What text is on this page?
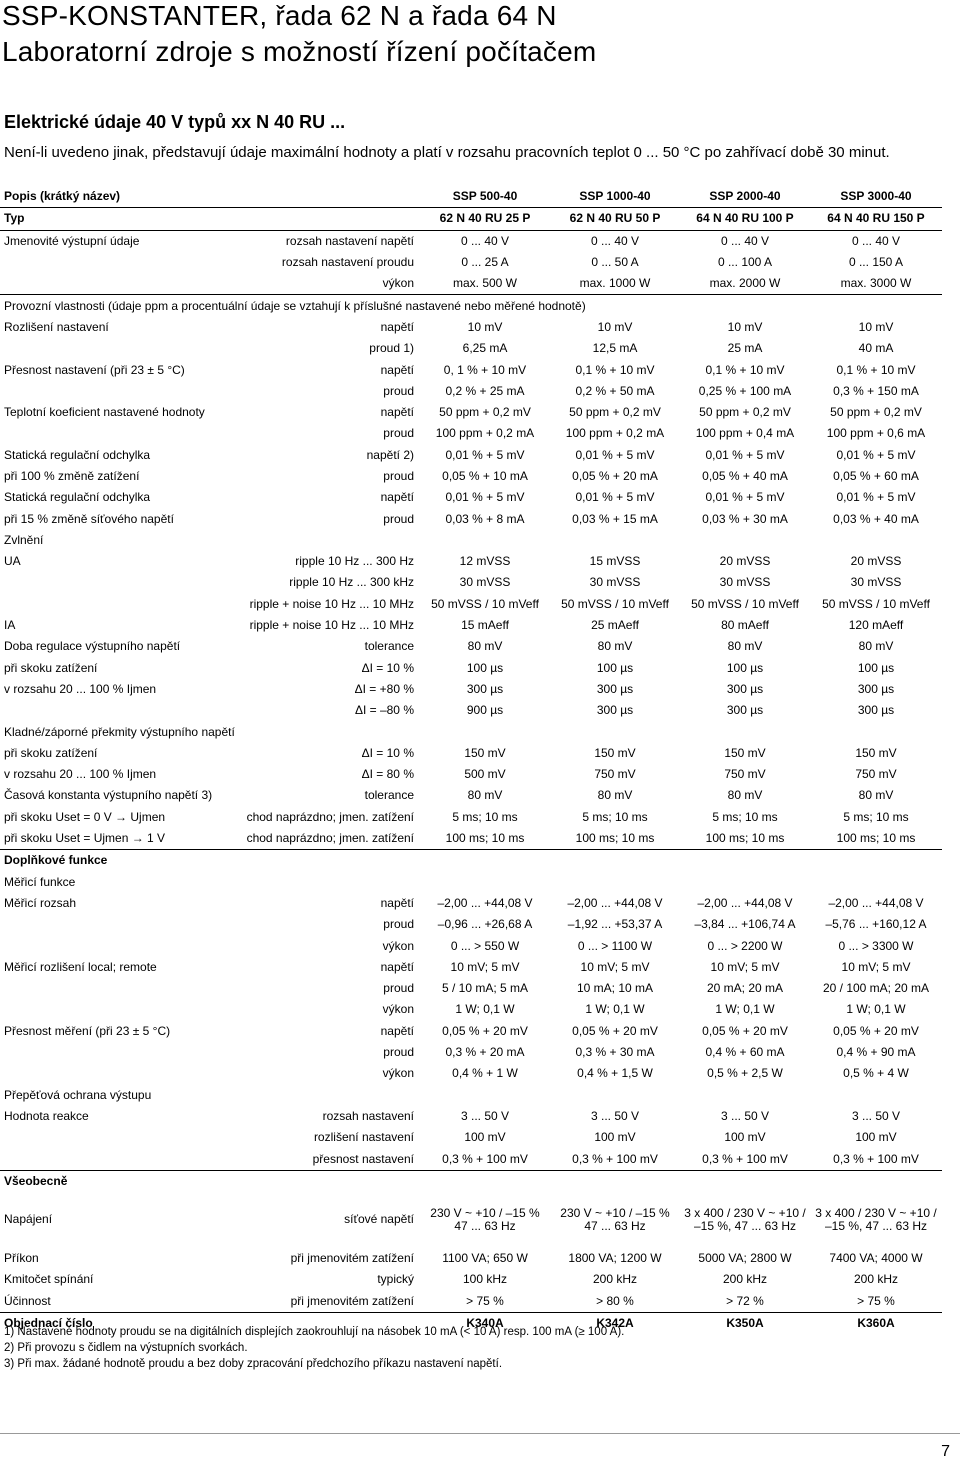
SSP-KONSTANTER, řada 62 N a řada 64 N
Laboratorní zdroje s možností řízení počítačem
Elektrické údaje 40 V typů xx N 40 RU ...
Není-li uvedeno jinak, představují údaje maximální hodnoty a platí v rozsahu pracovních teplot 0 ... 50 °C po zahřívací době 30 minut.
Popis (krátký název)		SSP 500-40	SSP 1000-40	SSP 2000-40	SSP 3000-40
Typ		62 N 40 RU 25 P	62 N 40 RU 50 P	64 N 40 RU 100 P	64 N 40 RU 150 P
Jmenovité výstupní údaje	rozsah nastavení napětí	0 ... 40 V	0 ... 40 V	0 ... 40 V	0 ... 40 V
	rozsah nastavení proudu	0 ... 25 A	0 ... 50 A	0 ... 100 A	0 ... 150 A
	výkon	max. 500 W	max. 1000 W	max. 2000 W	max. 3000 W
Provozní vlastnosti (údaje ppm a procentuální údaje se vztahují k příslušné nastavené nebo měřené hodnotě)					
Rozlišení nastavení	napětí	10 mV	10 mV	10 mV	10 mV
	proud 1)	6,25 mA	12,5 mA	25 mA	40 mA
Přesnost nastavení (při 23 ± 5 °C)	napětí	0, 1 % + 10 mV	0,1 % + 10 mV	0,1 % + 10 mV	0,1 % + 10 mV
	proud	0,2 % + 25 mA	0,2 % + 50 mA	0,25 % + 100 mA	0,3 % + 150 mA
Teplotní koeficient nastavené hodnoty	napětí	50 ppm + 0,2 mV	50 ppm + 0,2 mV	50 ppm + 0,2 mV	50 ppm + 0,2 mV
	proud	100 ppm + 0,2 mA	100 ppm + 0,2 mA	100 ppm + 0,4 mA	100 ppm + 0,6 mA
Statická regulační odchylka	napětí 2)	0,01 % + 5 mV	0,01 % + 5 mV	0,01 % + 5 mV	0,01 % + 5 mV
při 100 % změně zatížení	proud	0,05 % + 10 mA	0,05 % + 20 mA	0,05 % + 40 mA	0,05 % + 60 mA
Statická regulační odchylka	napětí	0,01 % + 5 mV	0,01 % + 5 mV	0,01 % + 5 mV	0,01 % + 5 mV
při 15 % změně síťového napětí	proud	0,03 % + 8 mA	0,03 % + 15 mA	0,03 % + 30 mA	0,03 % + 40 mA
Zvlnění					
UA	ripple 10 Hz ... 300 Hz	12 mVSS	15 mVSS	20 mVSS	20 mVSS
	ripple 10 Hz ... 300 kHz	30 mVSS	30 mVSS	30 mVSS	30 mVSS
	ripple + noise 10 Hz ... 10 MHz	50 mVSS / 10 mVeff	50 mVSS / 10 mVeff	50 mVSS / 10 mVeff	50 mVSS / 10 mVeff
IA	ripple + noise 10 Hz ... 10 MHz	15 mAeff	25 mAeff	80 mAeff	120 mAeff
Doba regulace výstupního napětí	tolerance	80 mV	80 mV	80 mV	80 mV
při skoku zatížení	ΔI = 10 %	100 µs	100 µs	100 µs	100 µs
v rozsahu 20 ... 100 % Ijmen	ΔI = +80 %	300 µs	300 µs	300 µs	300 µs
	ΔI = –80 %	900 µs	300 µs	300 µs	300 µs
Kladné/záporné překmity výstupního napětí					
při skoku zatížení	ΔI = 10 %	150 mV	150 mV	150 mV	150 mV
v rozsahu 20 ... 100 % Ijmen	ΔI = 80 %	500 mV	750 mV	750 mV	750 mV
Časová konstanta výstupního napětí 3)	tolerance	80 mV	80 mV	80 mV	80 mV
při skoku Uset = 0 V → Ujmen	chod naprázdno; jmen. zatížení	5 ms; 10 ms	5 ms; 10 ms	5 ms; 10 ms	5 ms; 10 ms
při skoku Uset = Ujmen → 1 V	chod naprázdno; jmen. zatížení	100 ms; 10 ms	100 ms; 10 ms	100 ms; 10 ms	100 ms; 10 ms
Doplňkové funkce					
Měřicí funkce					
Měřicí rozsah	napětí	–2,00 ... +44,08 V	–2,00 ... +44,08 V	–2,00 ... +44,08 V	–2,00 ... +44,08 V
	proud	–0,96 ... +26,68 A	–1,92 ... +53,37 A	–3,84 ... +106,74 A	–5,76 ... +160,12 A
	výkon	0 ... > 550 W	0 ... > 1100 W	0 ... > 2200 W	0 ... > 3300 W
Měřicí rozlišení local; remote	napětí	10 mV; 5 mV	10 mV; 5 mV	10 mV; 5 mV	10 mV; 5 mV
	proud	5 / 10 mA; 5 mA	10 mA; 10 mA	20 mA; 20 mA	20 / 100 mA; 20 mA
	výkon	1 W; 0,1 W	1 W; 0,1 W	1 W; 0,1 W	1 W; 0,1 W
Přesnost měření (při 23 ± 5 °C)	napětí	0,05 % + 20 mV	0,05 % + 20 mV	0,05 % + 20 mV	0,05 % + 20 mV
	proud	0,3 % + 20 mA	0,3 % + 30 mA	0,4 % + 60 mA	0,4 % + 90 mA
	výkon	0,4 % + 1 W	0,4 % + 1,5 W	0,5 % + 2,5 W	0,5 % + 4 W
Přepěťová ochrana výstupu					
Hodnota reakce	rozsah nastavení	3 ... 50 V	3 ... 50 V	3 ... 50 V	3 ... 50 V
	rozlišení nastavení	100 mV	100 mV	100 mV	100 mV
	přesnost nastavení	0,3 % + 100 mV	0,3 % + 100 mV	0,3 % + 100 mV	0,3 % + 100 mV
Všeobecně					
Napájení	síťové napětí	230 V ~ +10 / –15 % 47 ... 63 Hz	230 V ~ +10 / –15 % 47 ... 63 Hz	3 x 400 / 230 V ~ +10 / –15 %, 47 ... 63 Hz	3 x 400 / 230 V ~ +10 / –15 %, 47 ... 63 Hz
Příkon	při jmenovitém zatížení	1100 VA; 650 W	1800 VA; 1200 W	5000 VA; 2800 W	7400 VA; 4000 W
Kmitočet spínání	typický	100 kHz	200 kHz	200 kHz	200 kHz
Účinnost	při jmenovitém zatížení	> 75 %	> 80 %	> 72 %	> 75 %
Objednací číslo		K340A	K342A	K350A	K360A
1) Nastavené hodnoty proudu se na digitálních displejích zaokrouhlují na násobek 10 mA (< 10 A) resp. 100 mA (≥ 100 A).
2) Při provozu s čidlem na výstupních svorkách.
3) Při max. žádané hodnotě proudu a bez doby zpracování předchozího příkazu nastavení napětí.
7
